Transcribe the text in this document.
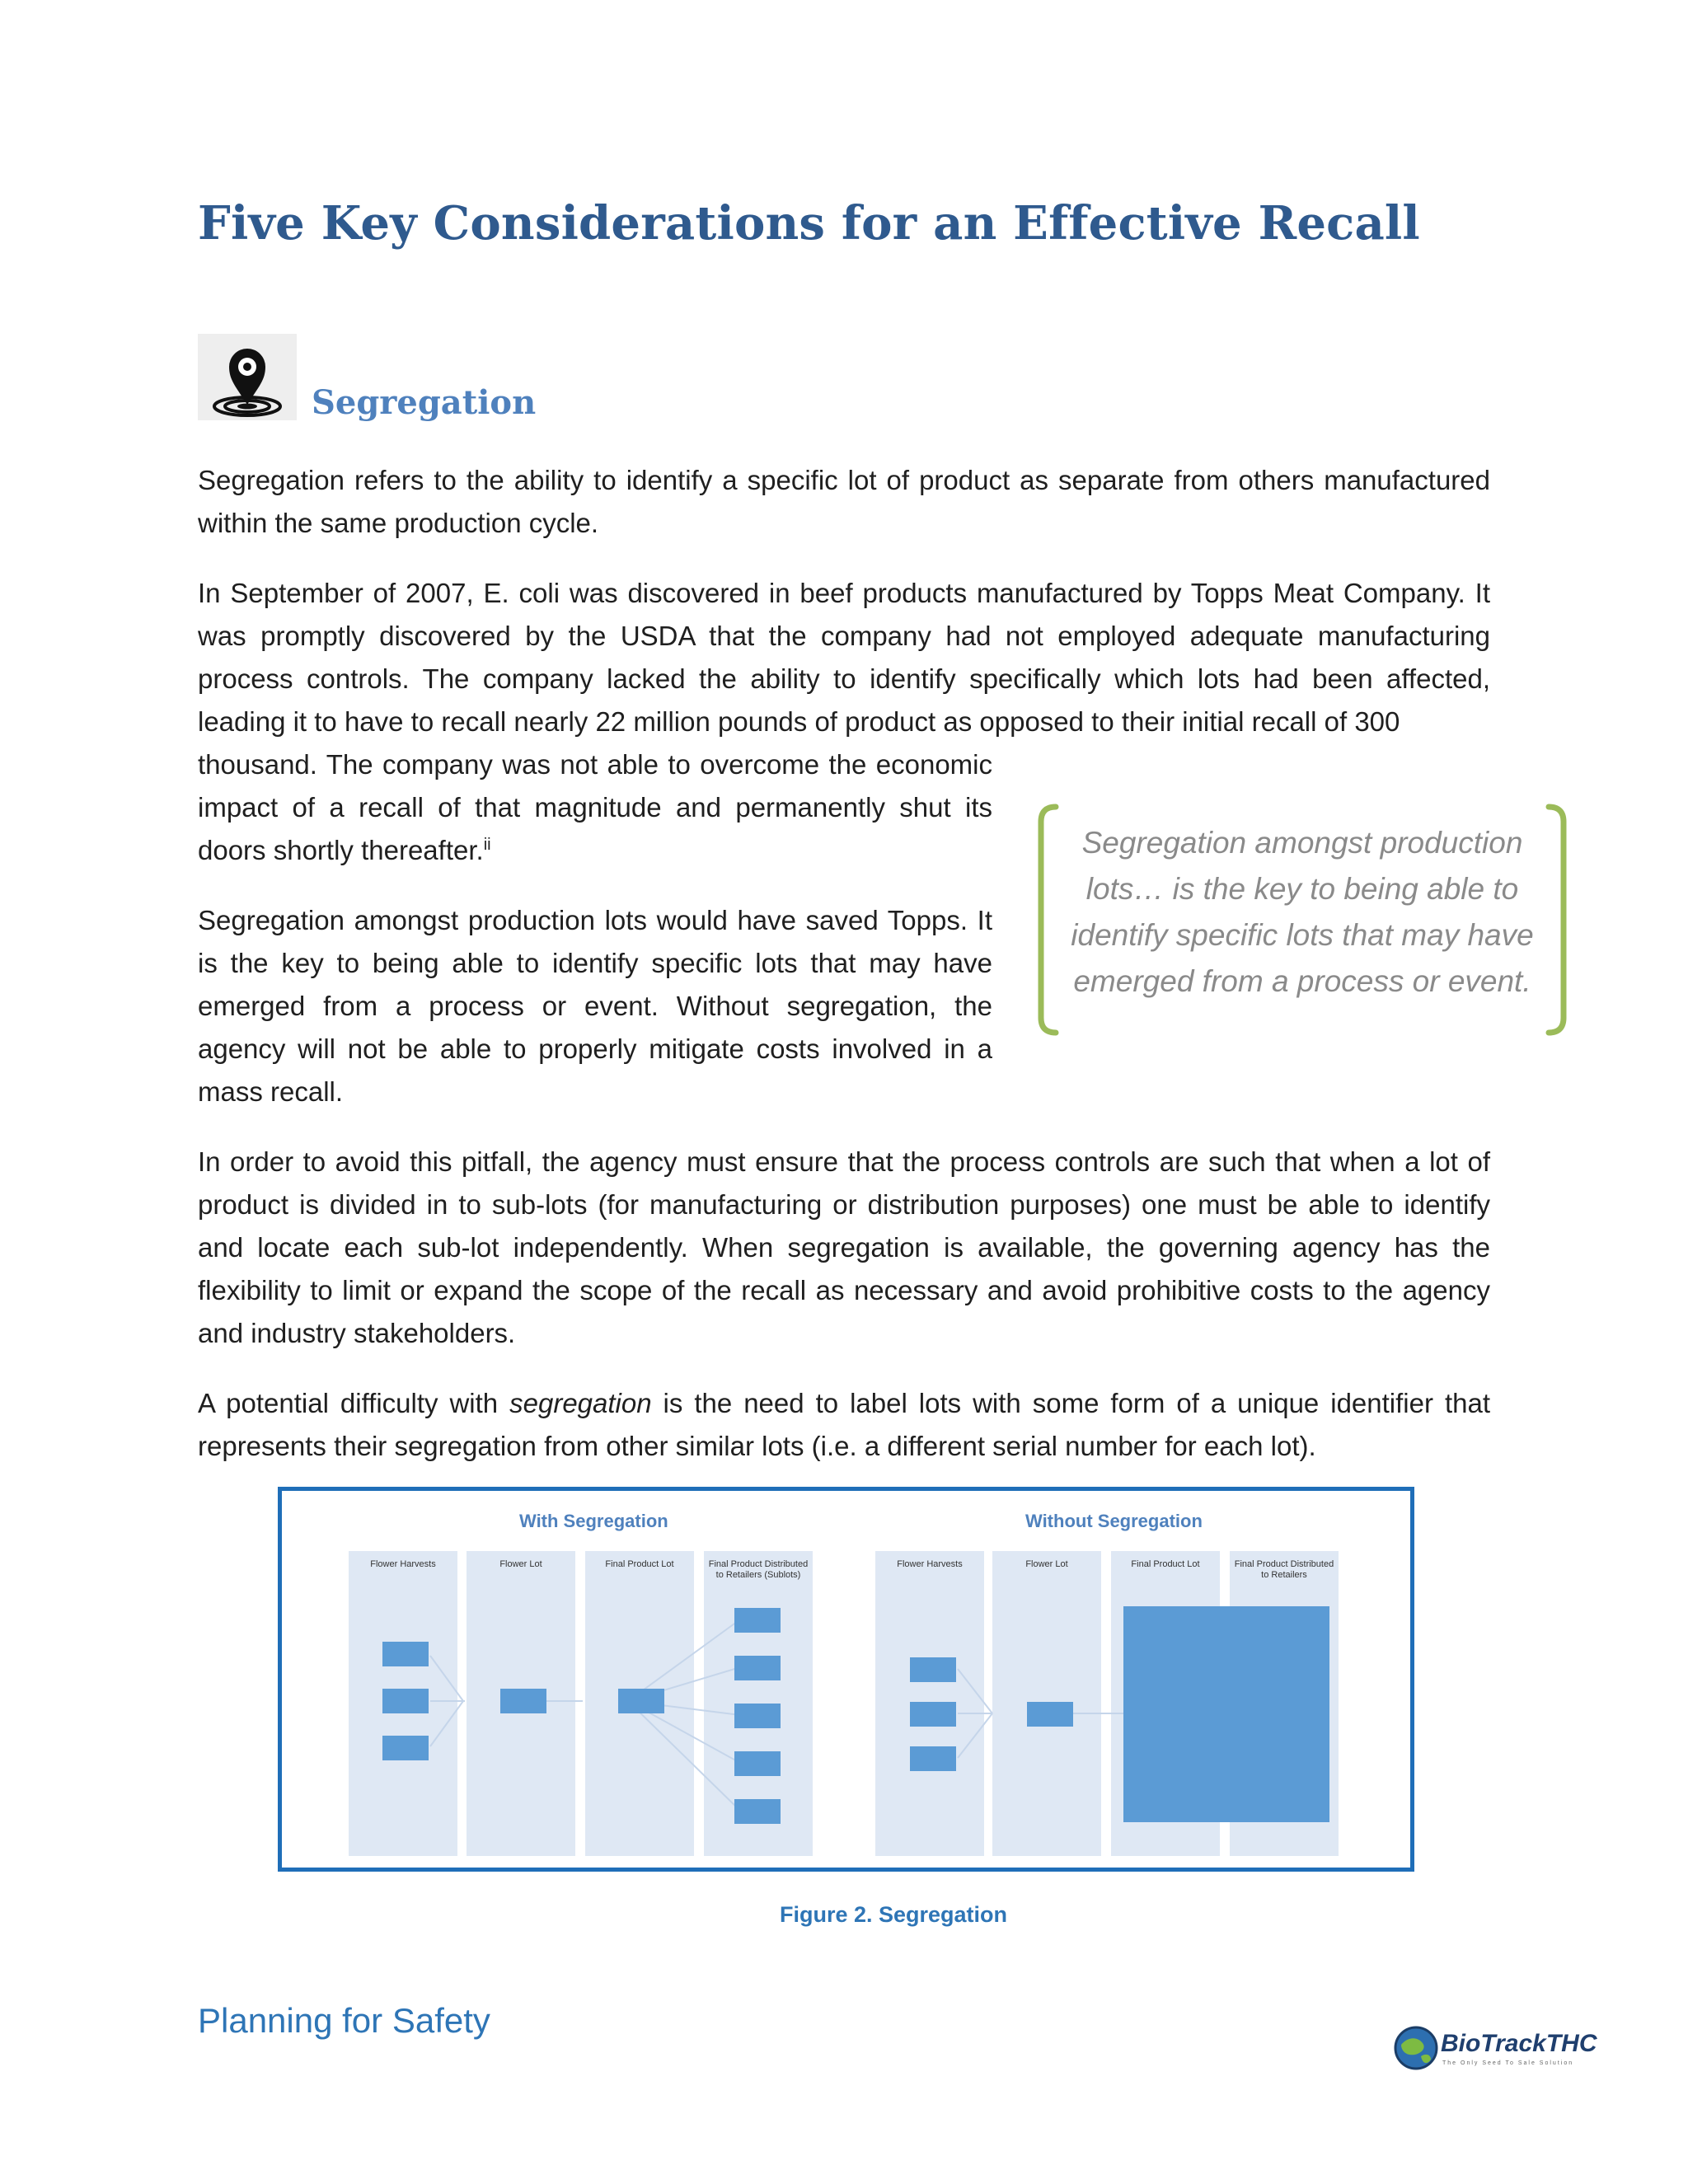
Five Key Considerations for an Effective Recall
Segregation

Segregation refers to the ability to identify a specific lot of product as separate from others manufactured within the same production cycle.

In September of 2007, E. coli was discovered in beef products manufactured by Topps Meat Company. It was promptly discovered by the USDA that the company had not employed adequate manufacturing process controls. The company lacked the ability to identify specifically which lots had been affected, leading it to have to recall nearly 22 million pounds of product as opposed to their initial recall of 300

thousand. The company was not able to overcome the economic impact of a recall of that magnitude and permanently shut its doors shortly thereafter.$^{ii}$

Segregation amongst production lots would have saved Topps. It is the key to being able to identify specific lots that may have emerged from a process or event. Without segregation, the agency will not be able to properly mitigate costs involved in a mass recall.

Segregation amongst production lots… is the key to being able to identify specific lots that may have emerged from a process or event.

In order to avoid this pitfall, the agency must ensure that the process controls are such that when a lot of product is divided in to sub-lots (for manufacturing or distribution purposes) one must be able to identify and locate each sub-lot independently. When segregation is available, the governing agency has the flexibility to limit or expand the scope of the recall as necessary and avoid prohibitive costs to the agency and industry stakeholders.

A potential difficulty with segregation is the need to label lots with some form of a unique identifier that represents their segregation from other similar lots (i.e. a different serial number for each lot).

With Segregation
Flower Harvests	Flower Lot	Final Product Lot	Final Product Distributed to Retailers (Sublots)
Without Segregation
Flower Harvests	Flower Lot	Final Product Lot	Final Product Distributed to Retailers

Figure 2. Segregation

Planning for Safety

BioTrackTHC
The Only Seed To Sale Solution
